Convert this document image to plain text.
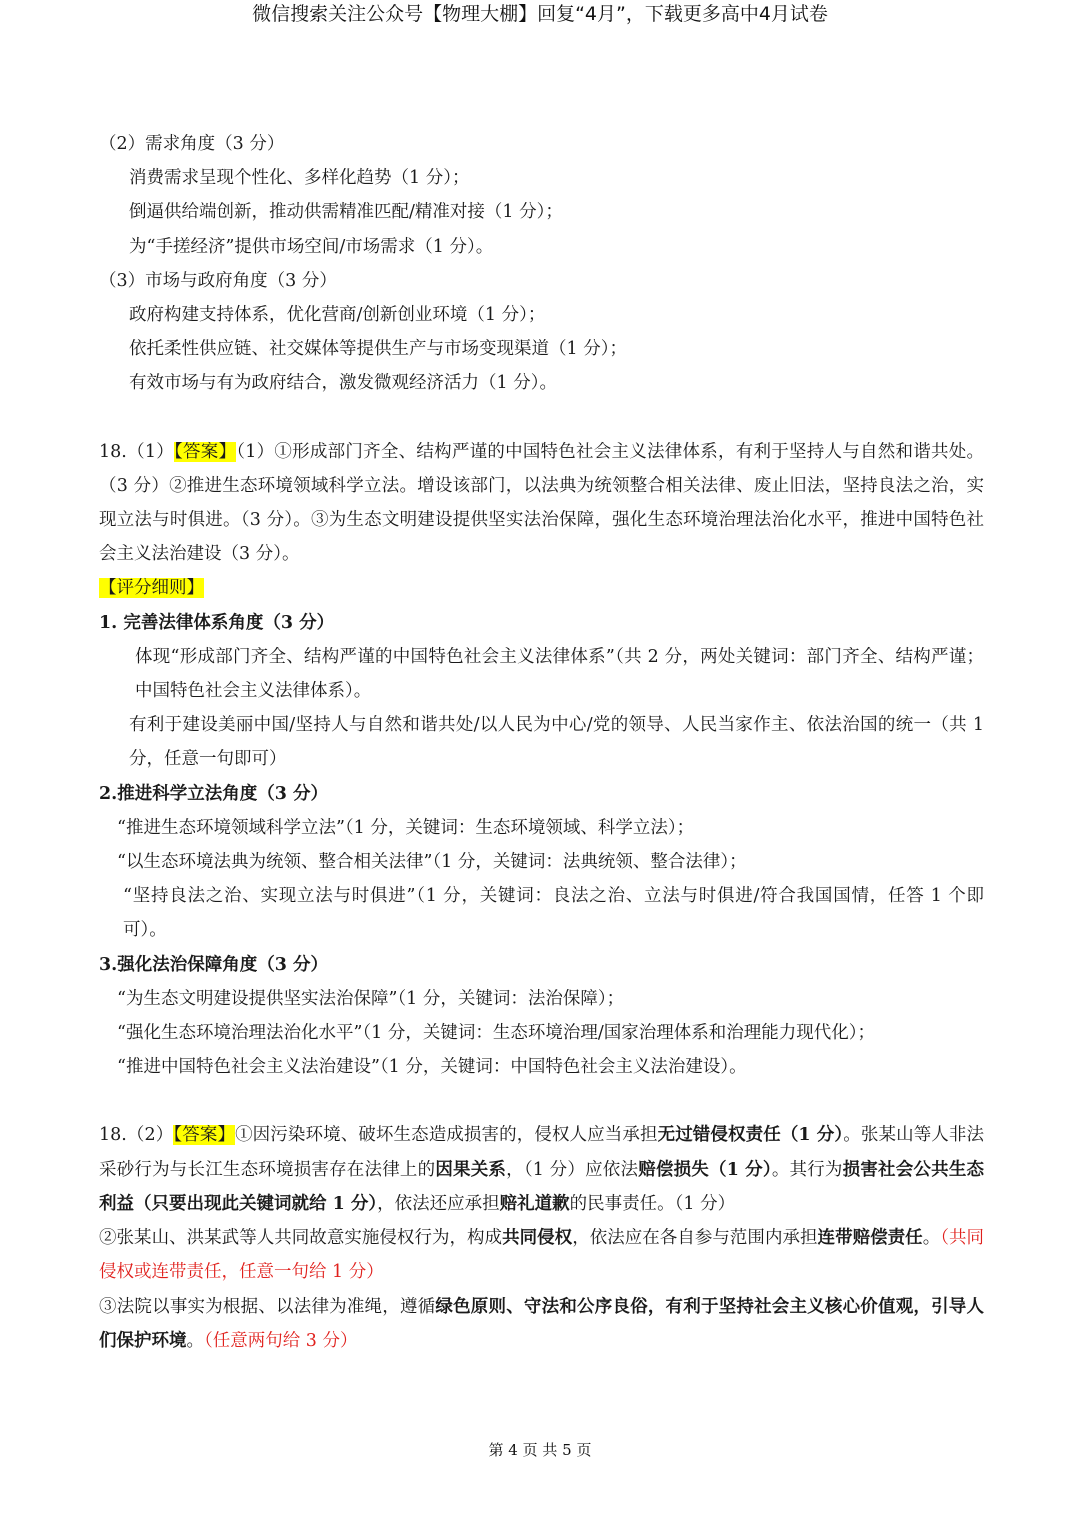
微信搜索关注公众号【物理大棚】回复“4月”，下载更多高中4月试卷
（2）需求角度（3 分）
消费需求呈现个性化、多样化趋势（1 分）；
倒逼供给端创新，推动供需精准匹配/精准对接（1 分）；
为“手搓经济”提供市场空间/市场需求（1 分）。
（3）市场与政府角度（3 分）
政府构建支持体系，优化营商/创新创业环境（1 分）；
依托柔性供应链、社交媒体等提供生产与市场变现渠道（1 分）；
有效市场与有为政府结合，激发微观经济活力（1 分）。
18.（1）【答案】（1）①形成部门齐全、结构严谨的中国特色社会主义法律体系，有利于坚持人与自然和谐共处。（3 分）②推进生态环境领域科学立法。增设该部门，以法典为统领整合相关法律、废止旧法，坚持良法之治，实现立法与时俱进。（3 分）。③为生态文明建设提供坚实法治保障，强化生态环境治理法治化水平，推进中国特色社会主义法治建设（3 分）。
【评分细则】
1. 完善法律体系角度（3 分）
体现“形成部门齐全、结构严谨的中国特色社会主义法律体系”（共 2 分，两处关键词：部门齐全、结构严谨；中国特色社会主义法律体系）。
有利于建设美丽中国/坚持人与自然和谐共处/以人民为中心/党的领导、人民当家作主、依法治国的统一（共 1 分，任意一句即可）
2.推进科学立法角度（3 分）
“推进生态环境领域科学立法”（1 分，关键词：生态环境领域、科学立法）；
“以生态环境法典为统领、整合相关法律”（1 分，关键词：法典统领、整合法律）；
“坚持良法之治、实现立法与时俱进”（1 分，关键词：良法之治、立法与时俱进/符合我国国情，任答 1 个即可）。
3.强化法治保障角度（3 分）
“为生态文明建设提供坚实法治保障”（1 分，关键词：法治保障）；
“强化生态环境治理法治化水平”（1 分，关键词：生态环境治理/国家治理体系和治理能力现代化）；
“推进中国特色社会主义法治建设”（1 分，关键词：中国特色社会主义法治建设）。
18.（2）【答案】①因污染环境、破坏生态造成损害的，侵权人应当承担无过错侵权责任（1 分）。张某山等人非法采砂行为与长江生态环境损害存在法律上的因果关系，（1 分）应依法赔偿损失（1 分）。其行为损害社会公共生态利益（只要出现此关键词就给 1 分），依法还应承担赔礼道歉的民事责任。（1 分）
②张某山、洪某武等人共同故意实施侵权行为，构成共同侵权，依法应在各自参与范围内承担连带赔偿责任。（共同侵权或连带责任，任意一句给 1 分）
③法院以事实为根据、以法律为准绳，遵循绿色原则、守法和公序良俗，有利于坚持社会主义核心价值观，引导人们保护环境。（任意两句给 3 分）
第 4 页 共 5 页
